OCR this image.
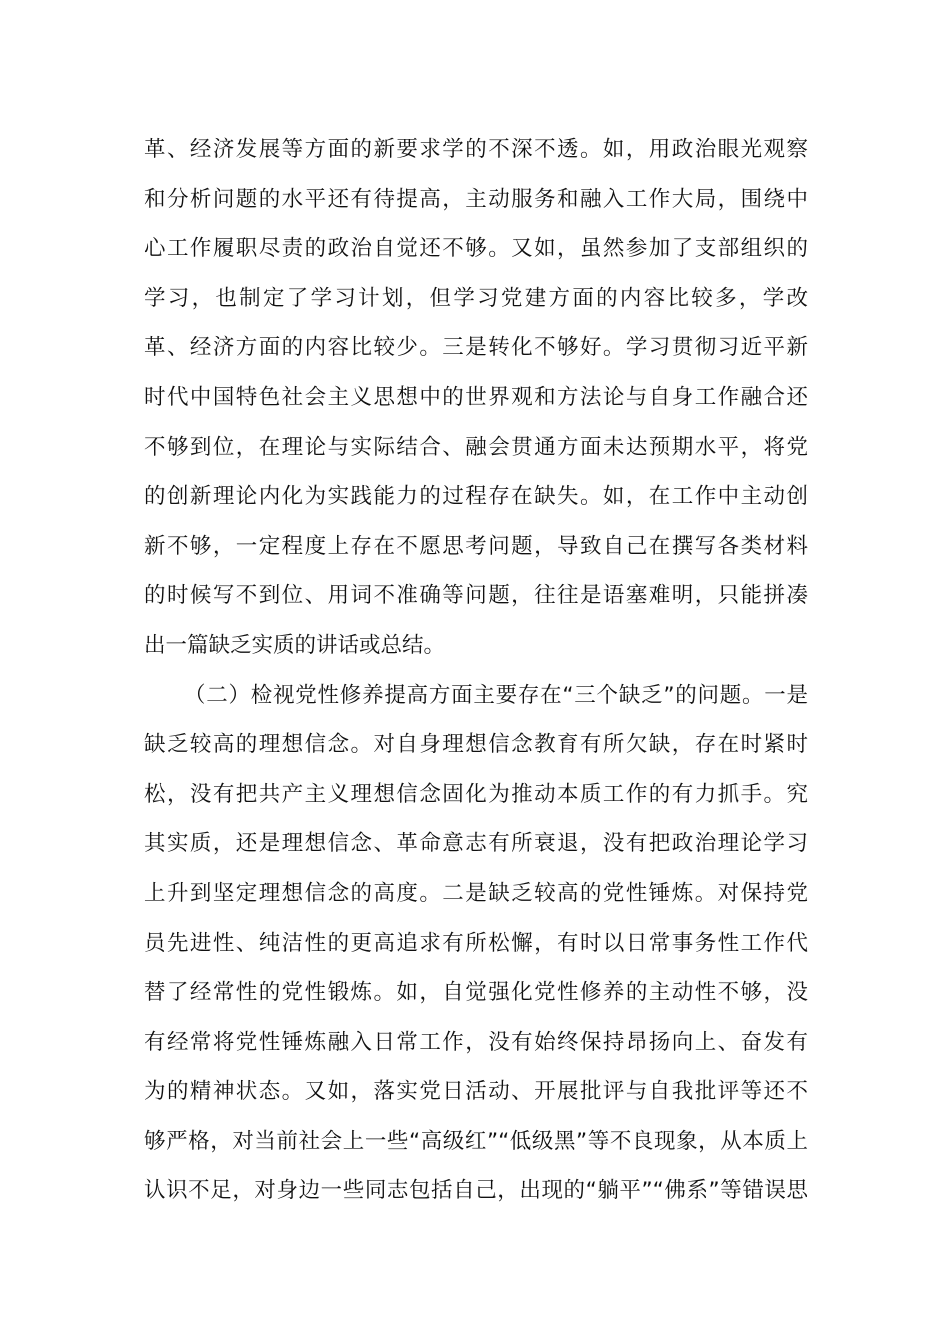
革、经济发展等方面的新要求学的不深不透。如，用政治眼光观察
和分析问题的水平还有待提高，主动服务和融入工作大局，围绕中
心工作履职尽责的政治自觉还不够。又如，虽然参加了支部组织的
学习，也制定了学习计划，但学习党建方面的内容比较多，学改
革、经济方面的内容比较少。三是转化不够好。学习贯彻习近平新
时代中国特色社会主义思想中的世界观和方法论与自身工作融合还
不够到位，在理论与实际结合、融会贯通方面未达预期水平，将党
的创新理论内化为实践能力的过程存在缺失。如，在工作中主动创
新不够，一定程度上存在不愿思考问题，导致自己在撰写各类材料
的时候写不到位、用词不准确等问题，往往是语塞难明，只能拼凑
出一篇缺乏实质的讲话或总结。
（二）检视党性修养提高方面主要存在“三个缺乏”的问题。一是
缺乏较高的理想信念。对自身理想信念教育有所欠缺，存在时紧时
松，没有把共产主义理想信念固化为推动本质工作的有力抓手。究
其实质，还是理想信念、革命意志有所衰退，没有把政治理论学习
上升到坚定理想信念的高度。二是缺乏较高的党性锤炼。对保持党
员先进性、纯洁性的更高追求有所松懈，有时以日常事务性工作代
替了经常性的党性锻炼。如，自觉强化党性修养的主动性不够，没
有经常将党性锤炼融入日常工作，没有始终保持昂扬向上、奋发有
为的精神状态。又如，落实党日活动、开展批评与自我批评等还不
够严格，对当前社会上一些“高级红”“低级黑”等不良现象，从本质上
认识不足，对身边一些同志包括自己，出现的“躺平”“佛系”等错误思
